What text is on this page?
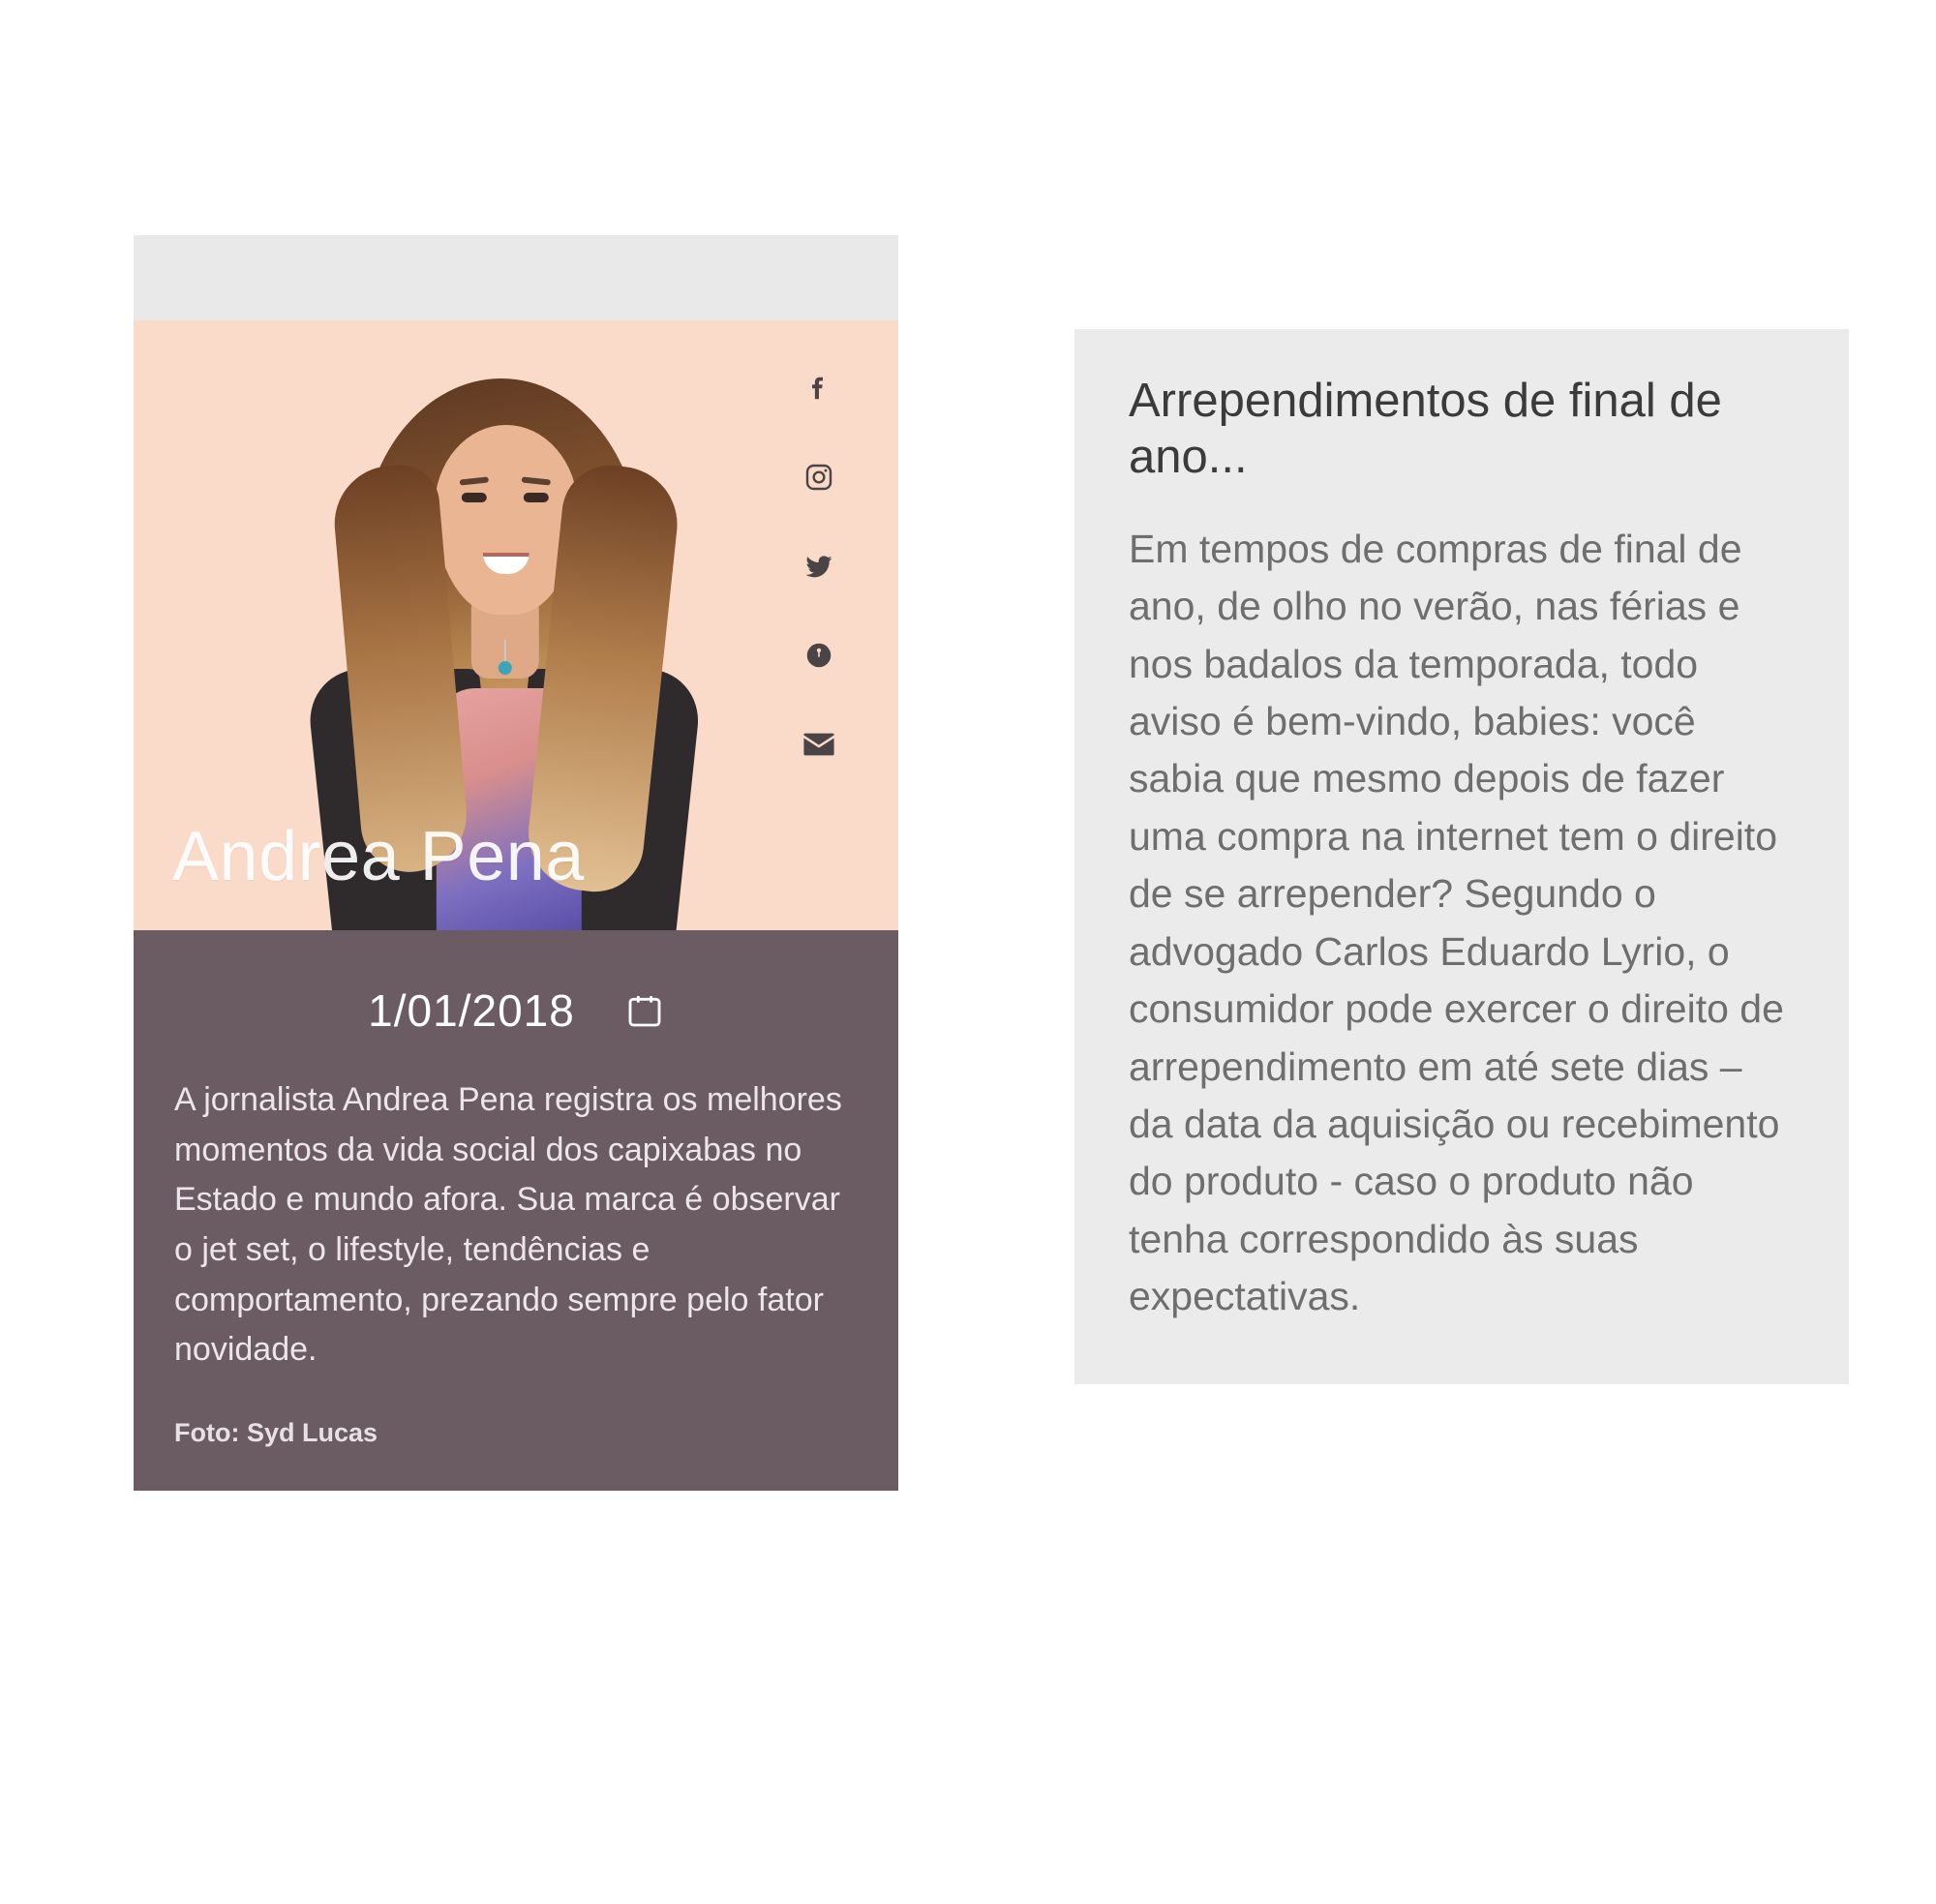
Andrea Pena
1/01/2018

A jornalista Andrea Pena registra os melhores momentos da vida social dos capixabas no Estado e mundo afora. Sua marca é observar o jet set, o lifestyle, tendências e comportamento, prezando sempre pelo fator novidade.

Foto: Syd Lucas

Arrependimentos de final de ano...

Em tempos de compras de final de ano, de olho no verão, nas férias e nos badalos da temporada, todo aviso é bem-vindo, babies: você sabia que mesmo depois de fazer uma compra na internet tem o direito de se arrepender? Segundo o advogado Carlos Eduardo Lyrio, o consumidor pode exercer o direito de arrependimento em até sete dias – da data da aquisição ou recebimento do produto - caso o produto não tenha correspondido às suas expectativas.
